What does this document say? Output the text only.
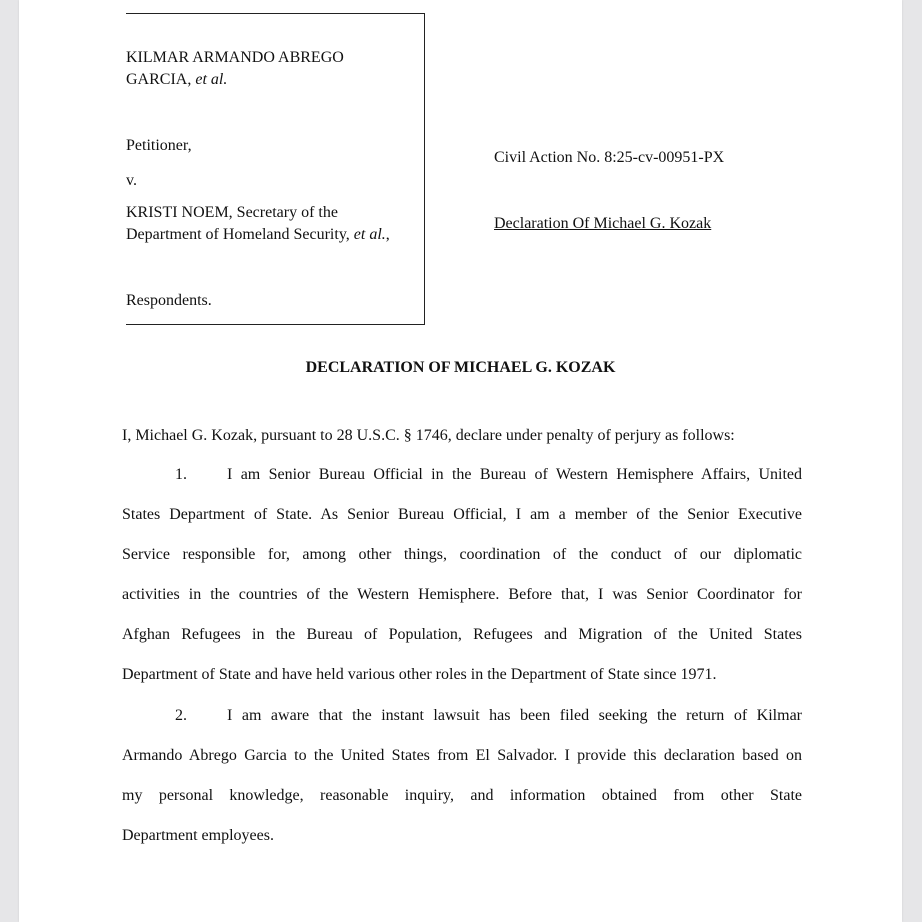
KILMAR ARMANDO ABREGO
GARCIA, et al.
Petitioner,
v.
KRISTI NOEM, Secretary of the
Department of Homeland Security, et al.,
Respondents.
Civil Action No. 8:25-cv-00951-PX
Declaration Of Michael G. Kozak
DECLARATION OF MICHAEL G. KOZAK
I, Michael G. Kozak, pursuant to 28 U.S.C. § 1746, declare under penalty of perjury as follows:
1.	I am Senior Bureau Official in the Bureau of Western Hemisphere Affairs, United
States Department of State. As Senior Bureau Official, I am a member of the Senior Executive
Service responsible for, among other things, coordination of the conduct of our diplomatic
activities in the countries of the Western Hemisphere. Before that, I was Senior Coordinator for
Afghan Refugees in the Bureau of Population, Refugees and Migration of the United States
Department of State and have held various other roles in the Department of State since 1971.
2.	I am aware that the instant lawsuit has been filed seeking the return of Kilmar
Armando Abrego Garcia to the United States from El Salvador. I provide this declaration based on
my personal knowledge, reasonable inquiry, and information obtained from other State
Department employees.
